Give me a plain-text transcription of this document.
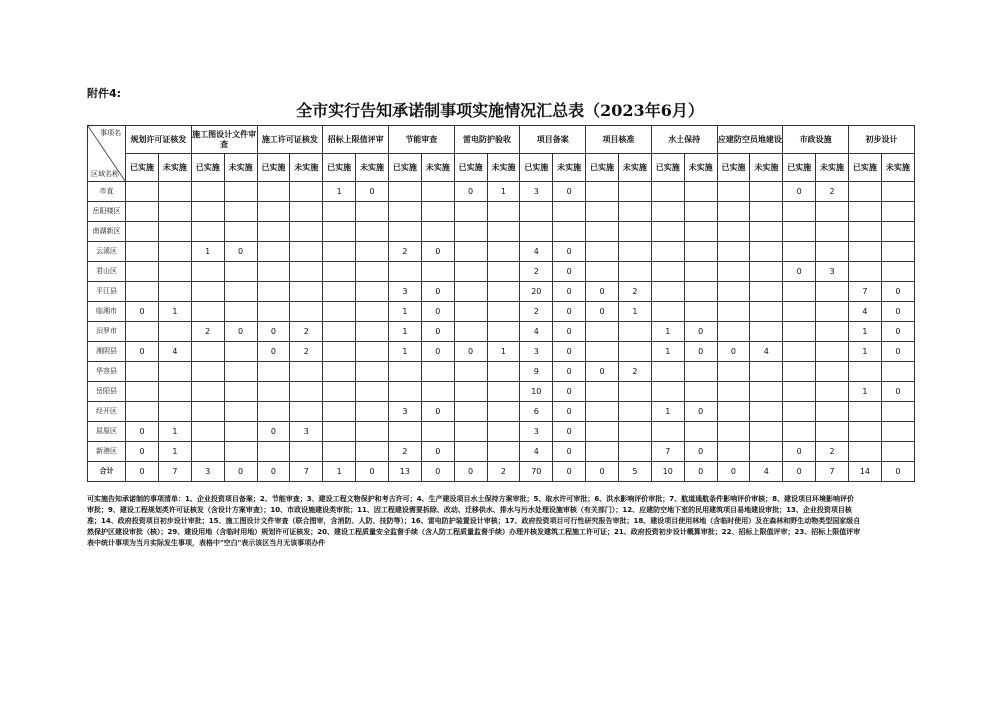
附件4:
全市实行告知承诺制事项实施情况汇总表（2023年6月）
事项名
区域名称	规划许可证核发		施工图设计文件审查		施工许可证核发		招标上限值评审		节能审查		雷电防护验收		项目备案		项目核准		水土保持		应建防空员地建设		市政设施		初步设计	
	已实施	未实施	已实施	未实施	已实施	未实施	已实施	未实施	已实施	未实施	已实施	未实施	已实施	未实施	已实施	未实施	已实施	未实施	已实施	未实施	已实施	未实施	已实施	未实施
市直							1	0			0	1	3	0							0	2		
岳阳楼区																								
南湖新区																								
云溪区			1	0					2	0			4	0										
君山区													2	0							0	3		
平江县									3	0			20	0	0	2							7	0
临湘市	0	1							1	0			2	0	0	1							4	0
汨罗市			2	0	0	2			1	0			4	0			1	0					1	0
湘阴县	0	4			0	2			1	0	0	1	3	0			1	0	0	4			1	0
华容县													9	0	0	2								
岳阳县													10	0									1	0
经开区									3	0			6	0			1	0						
屈原区	0	1			0	3							3	0										
新港区	0	1							2	0			4	0			7	0			0	2		
合计	0	7	3	0	0	7	1	0	13	0	0	2	70	0	0	5	10	0	0	4	0	7	14	0
可实施告知承诺制的事项清单：1、企业投资项目备案；2、节能审查；3、建设工程文物保护和考古许可；4、生产建设项目水土保持方案审批；5、取水许可审批；6、洪水影响评价审批；7、航道通航条件影响评价审核；8、建设项目环境影响评价
审批；9、建设工程规划类许可证核发（含设计方案审查）；10、市政设施建设类审批；11、因工程建设需要拆除、改动、迁移供水、排水与污水处理设施审核（有关部门）；12、应建防空地下室的民用建筑项目易地建设审批；13、企业投资项目核
准；14、政府投资项目初步设计审批；15、施工图设计文件审查（联合图审，含消防、人防、技防等）；16、雷电防护装置设计审核；17、政府投资项目可行性研究报告审批；18、建设项目使用林地（含临时使用）及在森林和野生动物类型国家级自
然保护区建设审批（核）；29、建设用地（含临时用地）规划许可证核发；20、建设工程质量安全监督手续（含人防工程质量监督手续）办理并核发建筑工程施工许可证；21、政府投资初步设计概算审批；22、招标上限值评审；23、招标上限值评审
表中统计事项为当月实际发生事项，表格中"空白"表示该区当月无该事项办件
